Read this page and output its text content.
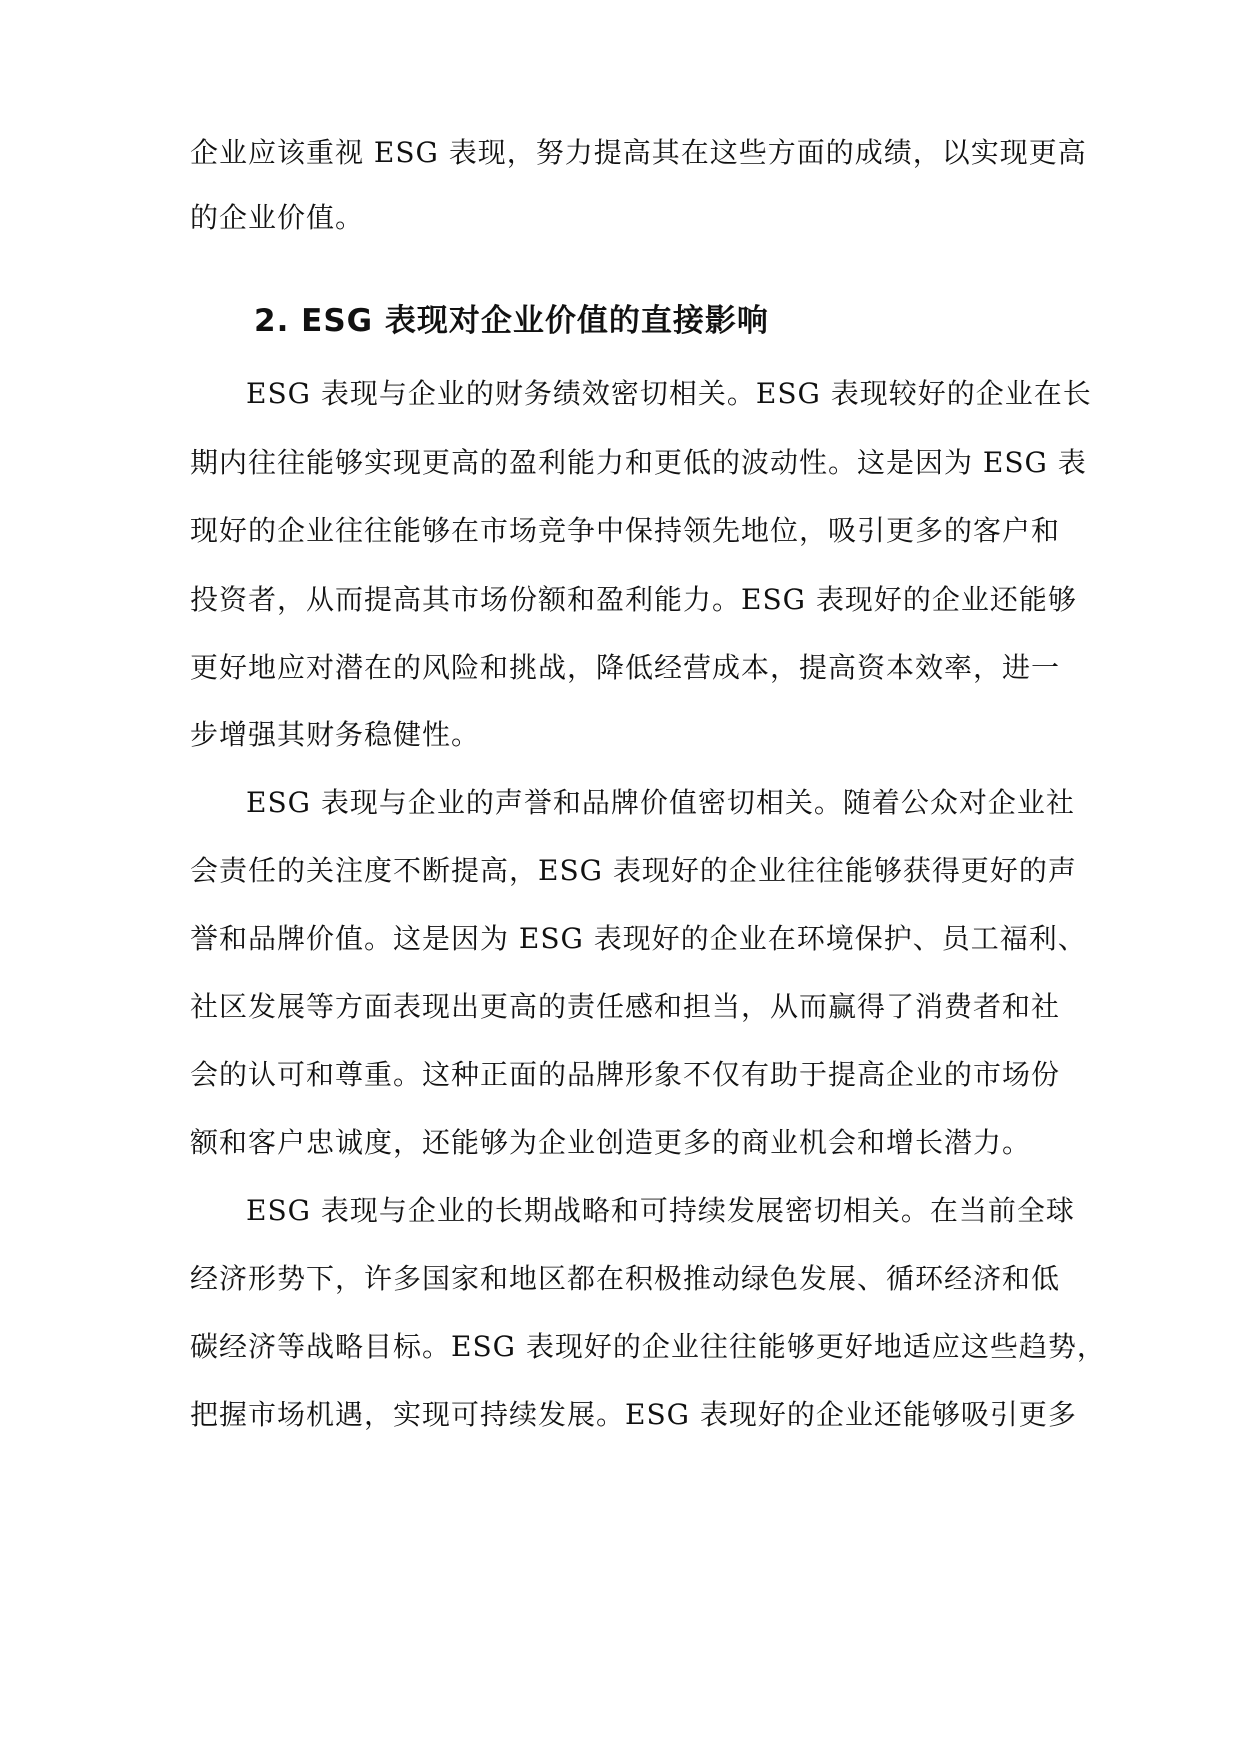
企业应该重视 ESG 表现，努力提高其在这些方面的成绩，以实现更高
的企业价值。
2. ESG 表现对企业价值的直接影响
ESG 表现与企业的财务绩效密切相关。ESG 表现较好的企业在长
期内往往能够实现更高的盈利能力和更低的波动性。这是因为 ESG 表
现好的企业往往能够在市场竞争中保持领先地位，吸引更多的客户和
投资者，从而提高其市场份额和盈利能力。ESG 表现好的企业还能够
更好地应对潜在的风险和挑战，降低经营成本，提高资本效率，进一
步增强其财务稳健性。
ESG 表现与企业的声誉和品牌价值密切相关。随着公众对企业社
会责任的关注度不断提高，ESG 表现好的企业往往能够获得更好的声
誉和品牌价值。这是因为 ESG 表现好的企业在环境保护、员工福利、
社区发展等方面表现出更高的责任感和担当，从而赢得了消费者和社
会的认可和尊重。这种正面的品牌形象不仅有助于提高企业的市场份
额和客户忠诚度，还能够为企业创造更多的商业机会和增长潜力。
ESG 表现与企业的长期战略和可持续发展密切相关。在当前全球
经济形势下，许多国家和地区都在积极推动绿色发展、循环经济和低
碳经济等战略目标。ESG 表现好的企业往往能够更好地适应这些趋势，
把握市场机遇，实现可持续发展。ESG 表现好的企业还能够吸引更多
